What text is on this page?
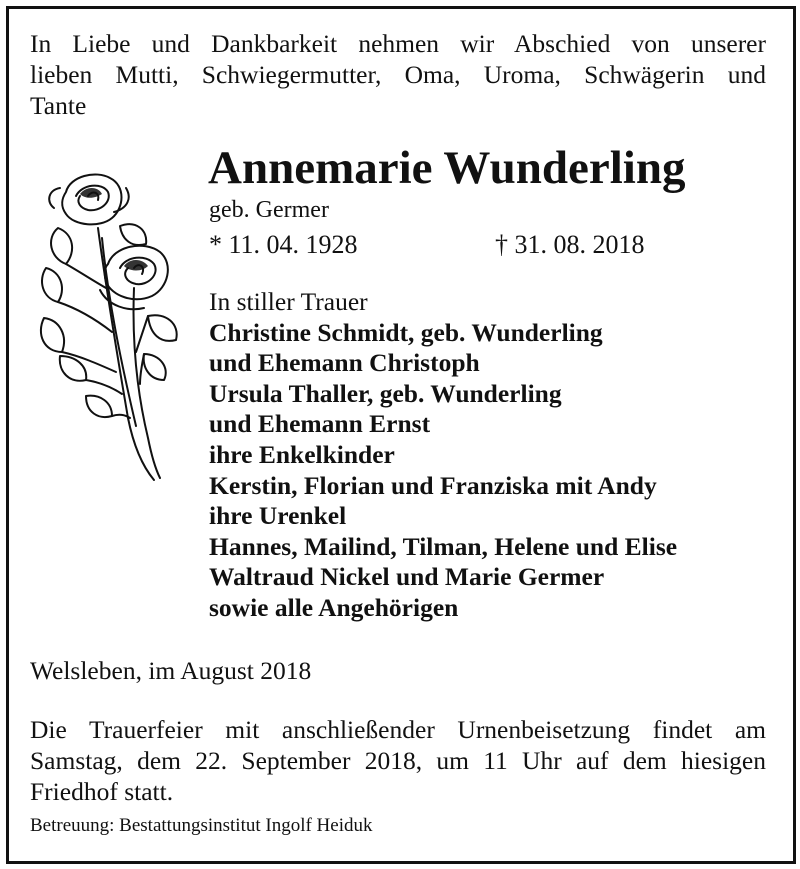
In Liebe und Dankbarkeit nehmen wir Abschied von unserer
lieben Mutti, Schwiegermutter, Oma, Uroma, Schwägerin und
Tante
Annemarie Wunderling
geb. Germer
* 11. 04. 1928	† 31. 08. 2018
In stiller Trauer
Christine Schmidt, geb. Wunderling
und Ehemann Christoph
Ursula Thaller, geb. Wunderling
und Ehemann Ernst
ihre Enkelkinder
Kerstin, Florian und Franziska mit Andy
ihre Urenkel
Hannes, Mailind, Tilman, Helene und Elise
Waltraud Nickel und Marie Germer
sowie alle Angehörigen
Welsleben, im August 2018
Die Trauerfeier mit anschließender Urnenbeisetzung findet am
Samstag, dem 22. September 2018, um 11 Uhr auf dem hiesigen
Friedhof statt.
Betreuung: Bestattungsinstitut Ingolf Heiduk
